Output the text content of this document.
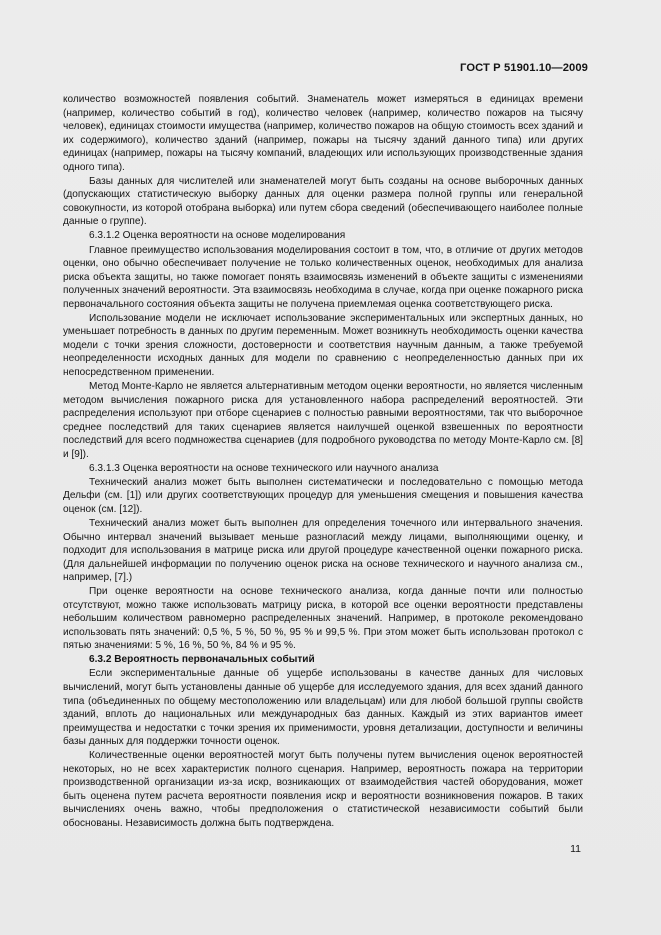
ГОСТ Р 51901.10—2009

количество возможностей появления событий. Знаменатель может измеряться в единицах времени (например, количество событий в год), количество человек (например, количество пожаров на тысячу человек), единицах стоимости имущества (например, количество пожаров на общую стоимость всех зданий и их содержимого), количество зданий (например, пожары на тысячу зданий данного типа) или других единицах (например, пожары на тысячу компаний, владеющих или использующих производственные здания одного типа).

Базы данных для числителей или знаменателей могут быть созданы на основе выборочных данных (допускающих статистическую выборку данных для оценки размера полной группы или генеральной совокупности, из которой отобрана выборка) или путем сбора сведений (обеспечивающего наиболее полные данные о группе).

6.3.1.2 Оценка вероятности на основе моделирования

Главное преимущество использования моделирования состоит в том, что, в отличие от других методов оценки, оно обычно обеспечивает получение не только количественных оценок, необходимых для анализа риска объекта защиты, но также помогает понять взаимосвязь изменений в объекте защиты с изменениями полученных значений вероятности. Эта взаимосвязь необходима в случае, когда при оценке пожарного риска первоначального состояния объекта защиты не получена приемлемая оценка соответствующего риска.

Использование модели не исключает использование экспериментальных или экспертных данных, но уменьшает потребность в данных по другим переменным. Может возникнуть необходимость оценки качества модели с точки зрения сложности, достоверности и соответствия научным данным, а также требуемой неопределенности исходных данных для модели по сравнению с неопределенностью данных при их непосредственном применении.

Метод Монте-Карло не является альтернативным методом оценки вероятности, но является численным методом вычисления пожарного риска для установленного набора распределений вероятностей. Эти распределения используют при отборе сценариев с полностью равными вероятностями, так что выборочное среднее последствий для таких сценариев является наилучшей оценкой взвешенных по вероятности последствий для всего подмножества сценариев (для подробного руководства по методу Монте-Карло см. [8] и [9]).

6.3.1.3 Оценка вероятности на основе технического или научного анализа

Технический анализ может быть выполнен систематически и последовательно с помощью метода Дельфи (см. [1]) или других соответствующих процедур для уменьшения смещения и повышения качества оценок (см. [12]).

Технический анализ может быть выполнен для определения точечного или интервального значения. Обычно интервал значений вызывает меньше разногласий между лицами, выполняющими оценку, и подходит для использования в матрице риска или другой процедуре качественной оценки пожарного риска. (Для дальнейшей информации по получению оценок риска на основе технического и научного анализа см., например, [7].)

При оценке вероятности на основе технического анализа, когда данные почти или полностью отсутствуют, можно также использовать матрицу риска, в которой все оценки вероятности представлены небольшим количеством равномерно распределенных значений. Например, в протоколе рекомендовано использовать пять значений: 0,5 %, 5 %, 50 %, 95 % и 99,5 %. При этом может быть использован протокол с пятью значениями: 5 %, 16 %, 50 %, 84 % и 95 %.

6.3.2 Вероятность первоначальных событий

Если экспериментальные данные об ущербе использованы в качестве данных для числовых вычислений, могут быть установлены данные об ущербе для исследуемого здания, для всех зданий данного типа (объединенных по общему местоположению или владельцам) или для любой большой группы свойств зданий, вплоть до национальных или международных баз данных. Каждый из этих вариантов имеет преимущества и недостатки с точки зрения их применимости, уровня детализации, доступности и величины базы данных для поддержки точности оценок.

Количественные оценки вероятностей могут быть получены путем вычисления оценок вероятностей некоторых, но не всех характеристик полного сценария. Например, вероятность пожара на территории производственной организации из-за искр, возникающих от взаимодействия частей оборудования, может быть оценена путем расчета вероятности появления искр и вероятности возникновения пожаров. В таких вычислениях очень важно, чтобы предположения о статистической независимости событий были обоснованы. Независимость должна быть подтверждена.

11
